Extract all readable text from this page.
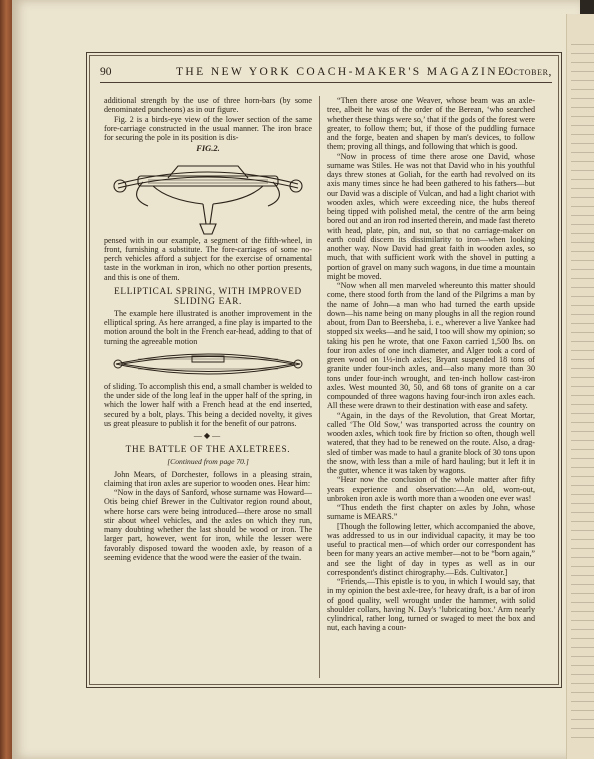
90	THE NEW YORK COACH-MAKER'S MAGAZINE.
October,

additional strength by the use of three horn-bars (by some denominated puncheons) as in our figure.

Fig. 2 is a birds-eye view of the lower section of the same fore-carriage constructed in the usual manner. The iron brace for securing the pole in its position is dis-

FIG.2.

pensed with in our example, a segment of the fifth-wheel, in front, furnishing a substitute. The fore-carriages of some no-perch vehicles afford a subject for the exercise of ornamental taste in the workman in iron, which no other portion presents, and this is one of them.

ELLIPTICAL SPRING, WITH IMPROVED SLIDING EAR.

The example here illustrated is another improvement in the elliptical spring. As here arranged, a fine play is imparted to the motion around the bolt in the French ear-head, adding to that of turning the agreeable motion

of sliding. To accomplish this end, a small chamber is welded to the under side of the long leaf in the upper half of the spring, in which the lower half with a French head at the end inserted, secured by a bolt, plays. This being a decided novelty, it gives us great pleasure to publish it for the benefit of our patrons.

—◆—
THE BATTLE OF THE AXLETREES.
[Continued from page 70.]

John Mears, of Dorchester, follows in a pleasing strain, claiming that iron axles are superior to wooden ones. Hear him:

“Now in the days of Sanford, whose surname was Howard—Otis being chief Brewer in the Cultivator region round about, where horse cars were being introduced—there arose no small stir about wheel vehicles, and the axles on which they run, many doubting whether the last should be wood or iron. The larger part, however, went for iron, while the lesser were favorably disposed toward the wooden axle, by reason of a seeming evidence that the wood were the easier of the twain.

“Then there arose one Weaver, whose beam was an axle-tree, albeit he was of the order of the Berean, ‘who searched whether these things were so,’ that if the gods of the forest were greater, to follow them; but, if those of the puddling furnace and the forge, beaten and shapen by man's devices, to follow them; proving all things, and following that which is good.

“Now in process of time there arose one David, whose surname was Stiles. He was not that David who in his youthful days threw stones at Goliah, for the earth had revolved on its axis many times since he had been gathered to his fathers—but our David was a disciple of Vulcan, and had a light chariot with wooden axles, which were exceeding nice, the hubs thereof being tipped with polished metal, the centre of the arm being bored out and an iron rod inserted therein, and made fast thereto with head, plate, pin, and nut, so that no carriage-maker on earth could discern its dissimilarity to iron—when looking another way. Now David had great faith in wooden axles, so much, that with sufficient work with the shovel in putting a portion of gravel on many such wagons, in due time a mountain might be moved.

“Now when all men marveled whereunto this matter should come, there stood forth from the land of the Pilgrims a man by the name of John—a man who had turned the earth upside down—his name being on many ploughs in all the region round about, from Dan to Beersheba, i. e., wherever a live Yankee had stopped six weeks—and he said, I too will show my opinion; so taking his pen he wrote, that one Faxon carried 1,500 lbs. on four iron axles of one inch diameter, and Alger took a cord of green wood on 1½-inch axles; Bryant suspended 18 tons of granite under four-inch axles, and—also many more than 30 tons under four-inch wrought, and ten-inch hollow cast-iron axles. West mounted 30, 50, and 68 tons of granite on a car compounded of three wagons having four-inch iron axles each. All these were drawn to their destination with ease and safety.

“Again, in the days of the Revolution, that Great Mortar, called ‘The Old Sow,’ was transported across the country on wooden axles, which took fire by friction so often, though well watered, that they had to be renewed on the route. Also, a drag-sled of timber was made to haul a granite block of 30 tons upon the snow, with less than a mile of hard hauling; but it left it in the gutter, whence it was taken by wagons.

“Hear now the conclusion of the whole matter after fifty years experience and observation:—An old, worn-out, unbroken iron axle is worth more than a wooden one ever was!

“Thus endeth the first chapter on axles by John, whose surname is MEARS.”

[Though the following letter, which accompanied the above, was addressed to us in our individual capacity, it may be too useful to practical men—of which order our correspondent has been for many years an active member—not to be “born again,” and see the light of day in types as well as in our correspondent's distinct chirography.—Eds. Cultivator.]

“Friends,—This epistle is to you, in which I would say, that in my opinion the best axle-tree, for heavy draft, is a bar of iron of good quality, well wrought under the hammer, with solid shoulder collars, having N. Day's ‘lubricating box.’ Arm nearly cylindrical, rather long, turned or swaged to meet the box and nut, each having a coun-
